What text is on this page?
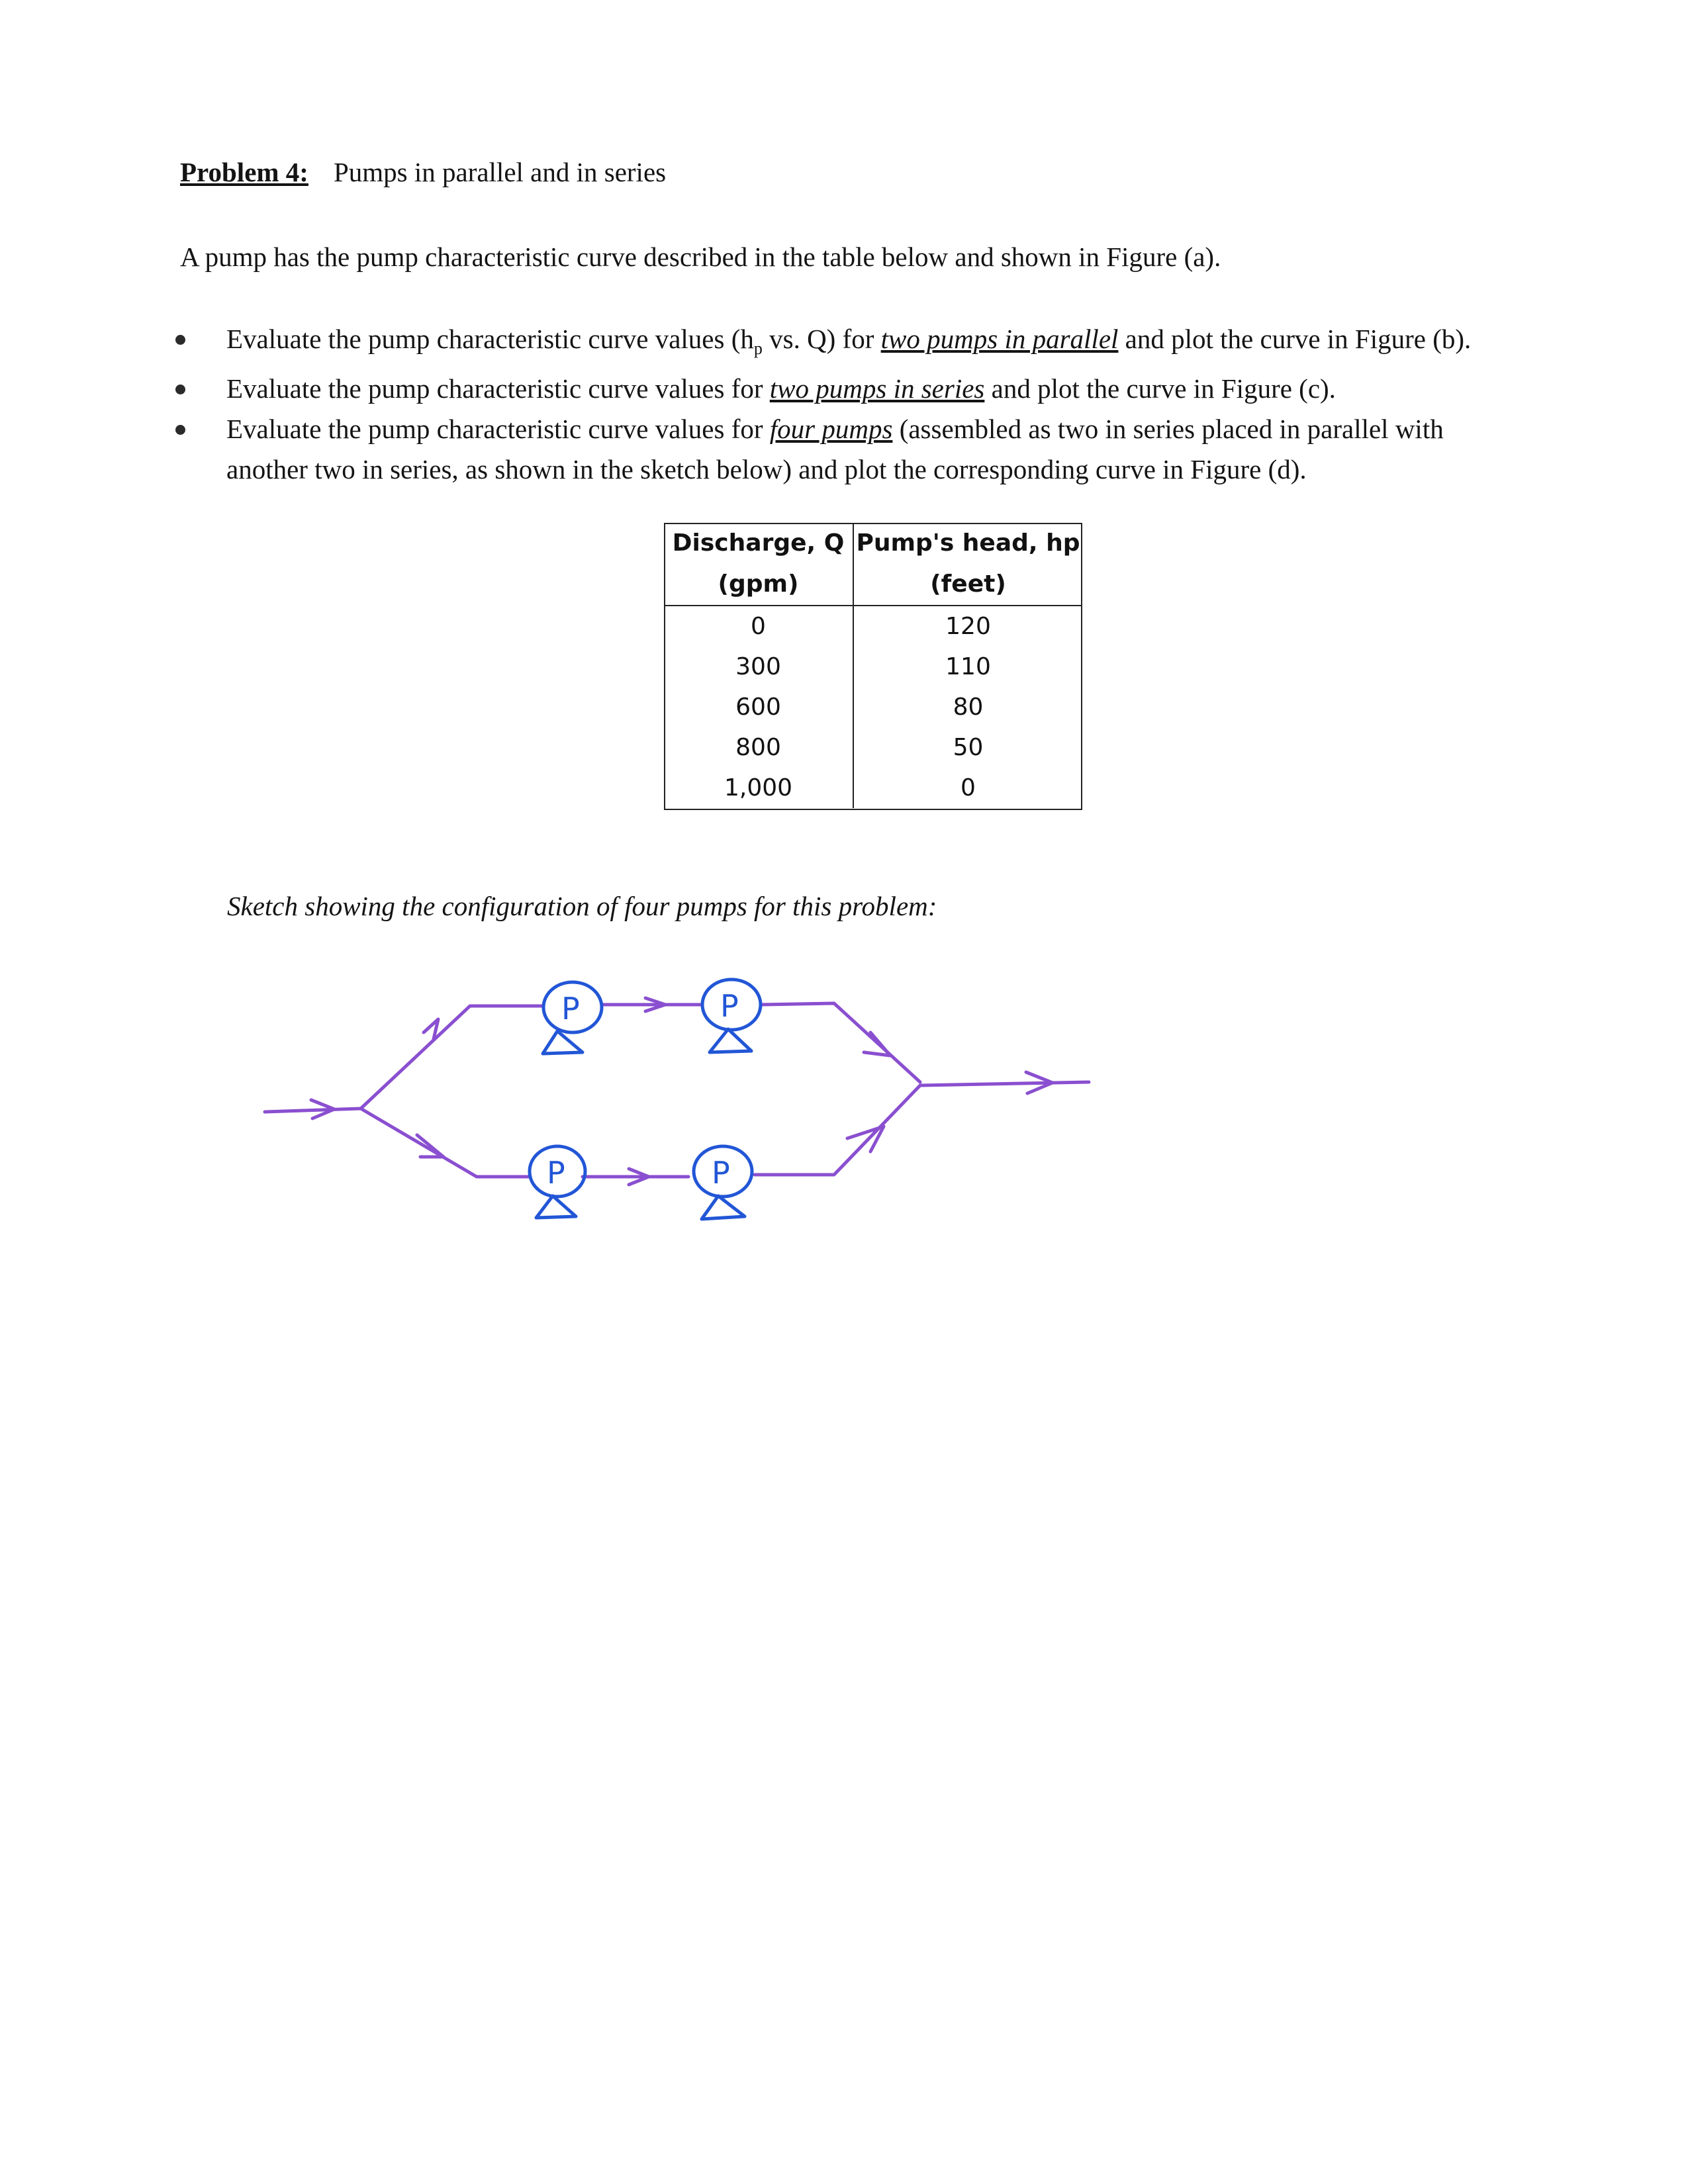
Problem 4: Pumps in parallel and in series
A pump has the pump characteristic curve described in the table below and shown in Figure (a).
Evaluate the pump characteristic curve values ($h_p$ vs. Q) for two pumps in parallel and plot the curve in Figure (b).
Evaluate the pump characteristic curve values for two pumps in series and plot the curve in Figure (c).
Evaluate the pump characteristic curve values for four pumps (assembled as two in series placed in parallel with
another two in series, as shown in the sketch below) and plot the corresponding curve in Figure (d).
Discharge, Q	Pump's head, hp
(gpm)	(feet)
0	120
300	110
600	80
800	50
1,000	0
Sketch showing the configuration of four pumps for this problem:
P	P
P	P
